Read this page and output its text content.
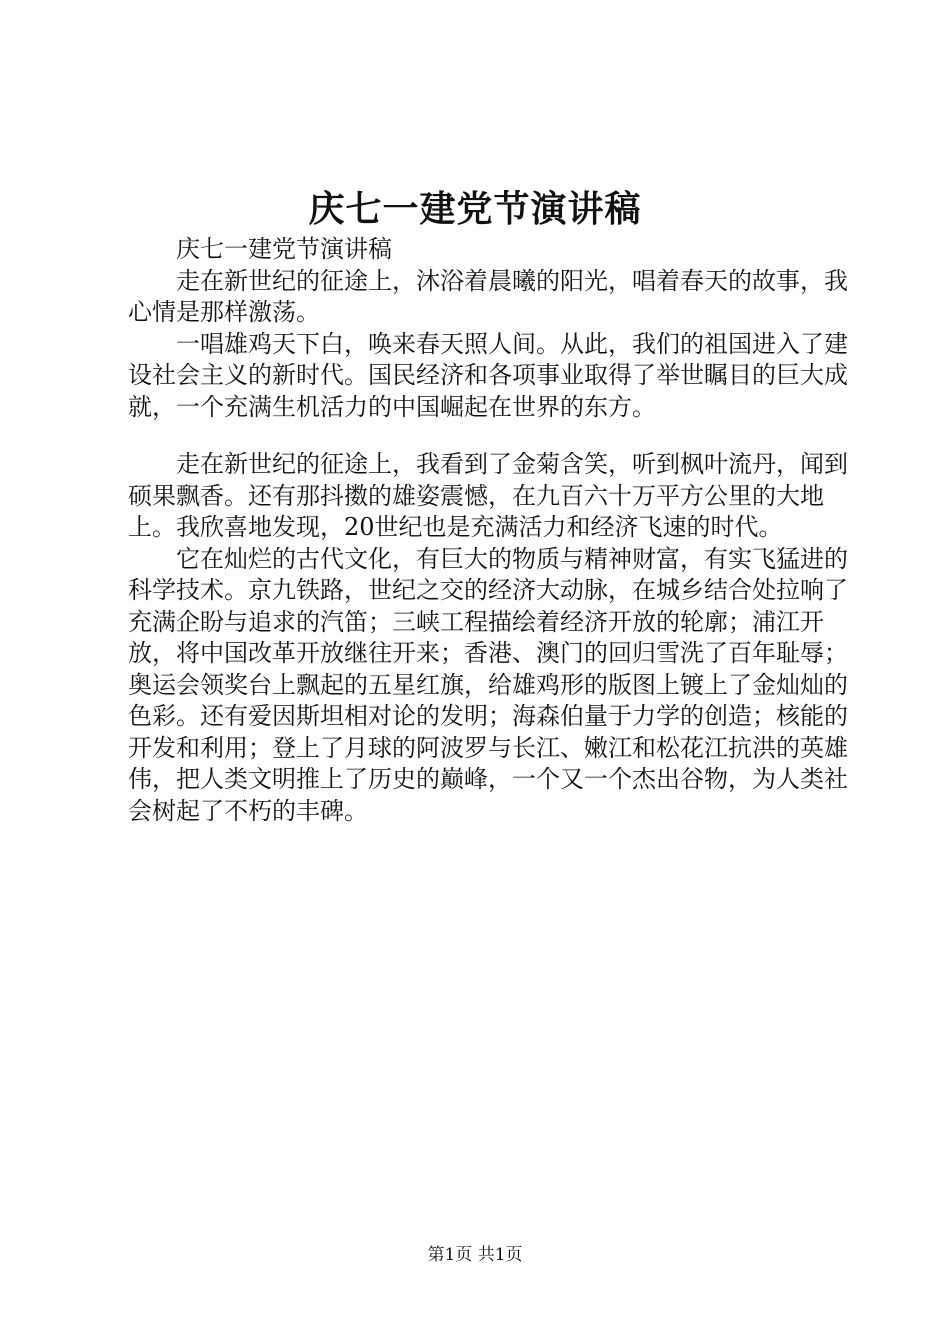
庆七一建党节演讲稿

庆七一建党节演讲稿

走在新世纪的征途上，沐浴着晨曦的阳光，唱着春天的故事，我心情是那样激荡。

一唱雄鸡天下白，唤来春天照人间。从此，我们的祖国进入了建设社会主义的新时代。国民经济和各项事业取得了举世瞩目的巨大成就，一个充满生机活力的中国崛起在世界的东方。

走在新世纪的征途上，我看到了金菊含笑，听到枫叶流丹，闻到硕果飘香。还有那抖擞的雄姿震憾，在九百六十万平方公里的大地上。我欣喜地发现，20世纪也是充满活力和经济飞速的时代。

它在灿烂的古代文化，有巨大的物质与精神财富，有实飞猛进的科学技术。京九铁路，世纪之交的经济大动脉，在城乡结合处拉响了充满企盼与追求的汽笛；三峡工程描绘着经济开放的轮廓；浦江开放，将中国改革开放继往开来；香港、澳门的回归雪洗了百年耻辱；奥运会领奖台上飘起的五星红旗，给雄鸡形的版图上镀上了金灿灿的色彩。还有爱因斯坦相对论的发明；海森伯量于力学的创造；核能的开发和利用；登上了月球的阿波罗与长江、嫩江和松花江抗洪的英雄伟，把人类文明推上了历史的巅峰，一个又一个杰出谷物，为人类社会树起了不朽的丰碑。

第1页 共1页
